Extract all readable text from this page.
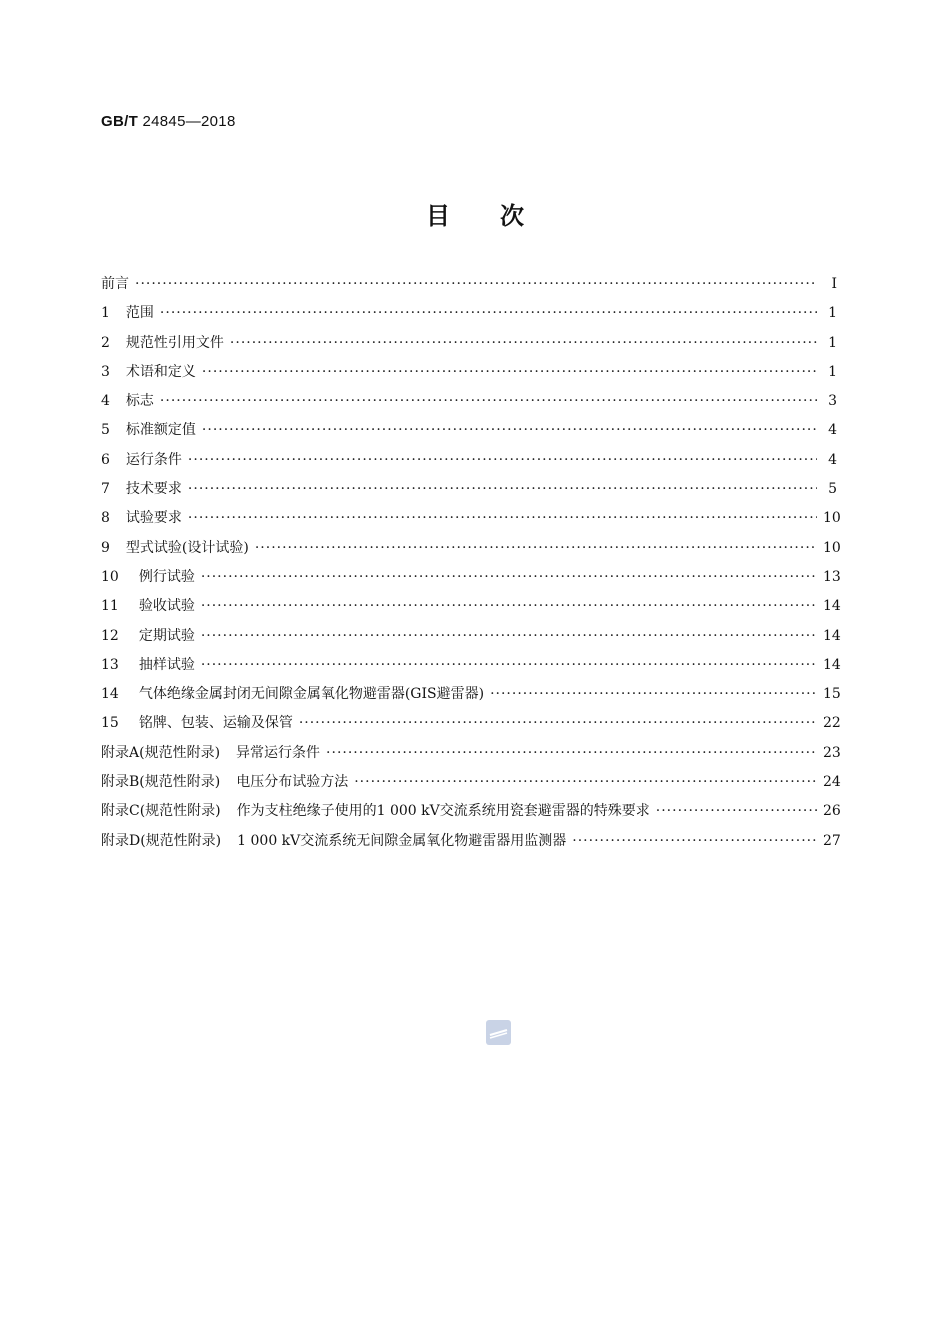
GB/T 24845—2018
目次
前言 ·····	Ⅰ
1 范围 ·····	1
2 规范性引用文件 ·····	1
3 术语和定义 ·····	1
4 标志 ·····	3
5 标准额定值 ·····	4
6 运行条件 ·····	4
7 技术要求 ·····	5
8 试验要求 ·····	10
9 型式试验(设计试验) ·····	10
10 例行试验 ·····	13
11 验收试验 ·····	14
12 定期试验 ·····	14
13 抽样试验 ·····	14
14 气体绝缘金属封闭无间隙金属氧化物避雷器(GIS避雷器) ·····	15
15 铭牌、包装、运输及保管 ·····	22
附录A(规范性附录) 异常运行条件 ·····	23
附录B(规范性附录) 电压分布试验方法 ·····	24
附录C(规范性附录) 作为支柱绝缘子使用的1 000 kV交流系统用瓷套避雷器的特殊要求 ·····	26
附录D(规范性附录) 1 000 kV交流系统无间隙金属氧化物避雷器用监测器 ·····	27
